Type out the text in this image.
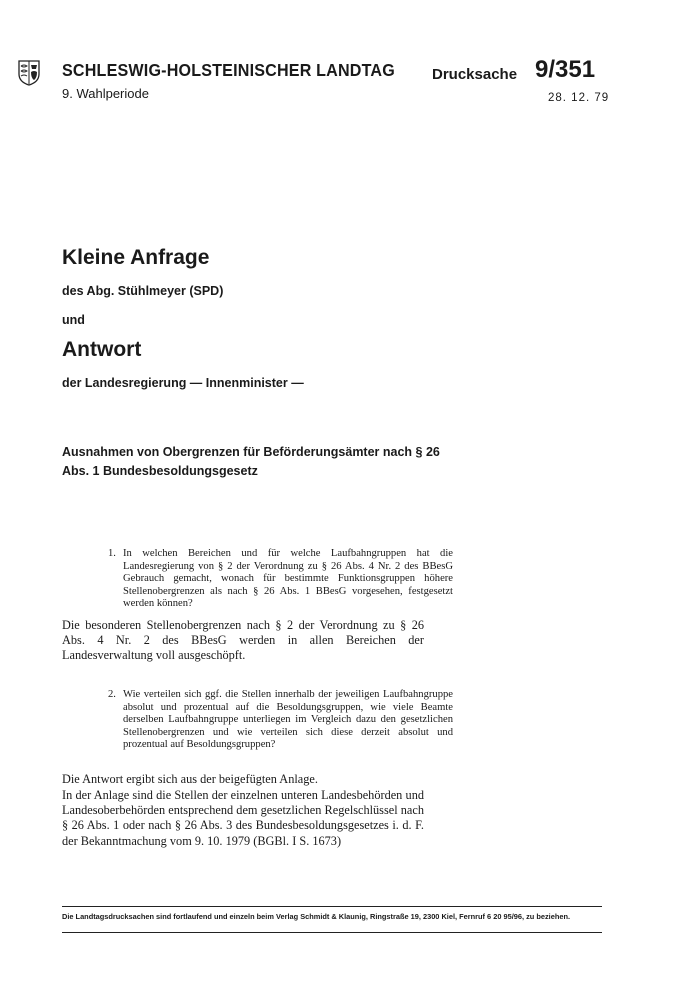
SCHLESWIG-HOLSTEINISCHER LANDTAG
9. Wahlperiode
Drucksache 9/351
28. 12. 79
Kleine Anfrage
des Abg. Stühlmeyer (SPD)
und
Antwort
der Landesregierung — Innenminister —
Ausnahmen von Obergrenzen für Beförderungsämter nach § 26 Abs. 1 Bundesbesoldungsgesetz
1. In welchen Bereichen und für welche Laufbahngruppen hat die Landesregierung von § 2 der Verordnung zu § 26 Abs. 4 Nr. 2 des BBesG Gebrauch gemacht, wonach für bestimmte Funktionsgruppen höhere Stellenobergrenzen als nach § 26 Abs. 1 BBesG vorgesehen, festgesetzt werden können?
Die besonderen Stellenobergrenzen nach § 2 der Verordnung zu § 26 Abs. 4 Nr. 2 des BBesG werden in allen Bereichen der Landesverwaltung voll ausgeschöpft.
2. Wie verteilen sich ggf. die Stellen innerhalb der jeweiligen Laufbahngruppe absolut und prozentual auf die Besoldungsgruppen, wie viele Beamte derselben Laufbahngruppe unterliegen im Vergleich dazu den gesetzlichen Stellenobergrenzen und wie verteilen sich diese derzeit absolut und prozentual auf Besoldungsgruppen?
Die Antwort ergibt sich aus der beigefügten Anlage.
In der Anlage sind die Stellen der einzelnen unteren Landesbehörden und Landesoberbehörden entsprechend dem gesetzlichen Regelschlüssel nach § 26 Abs. 1 oder nach § 26 Abs. 3 des Bundesbesoldungsgesetzes i. d. F. der Bekanntmachung vom 9. 10. 1979 (BGBl. I S. 1673)
Die Landtagsdrucksachen sind fortlaufend und einzeln beim Verlag Schmidt & Klaunig, Ringstraße 19, 2300 Kiel, Fernruf 6 20 95/96, zu beziehen.
